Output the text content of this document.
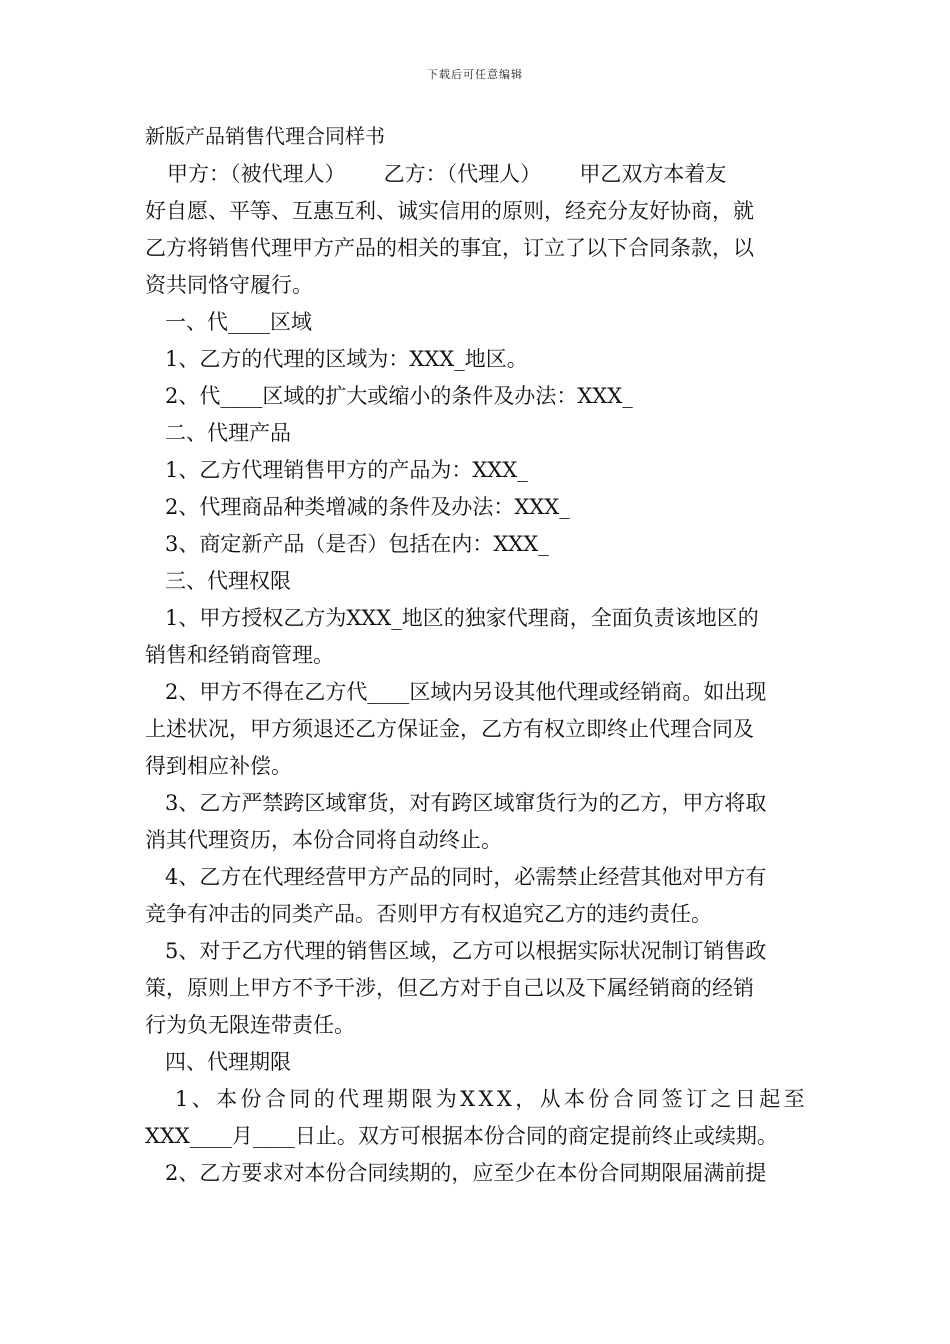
下载后可任意编辑
新版产品销售代理合同样书
甲方：（被代理人）　　 乙方：（代理人）　　 甲乙双方本着友
好自愿、平等、互惠互利、诚实信用的原则，经充分友好协商，就
乙方将销售代理甲方产品的相关的事宜，订立了以下合同条款，以
资共同恪守履行。
一、代____区域
1、乙方的代理的区域为：XXX_地区。
2、代____区域的扩大或缩小的条件及办法：XXX_
二、代理产品
1、乙方代理销售甲方的产品为：XXX_
2、代理商品种类增减的条件及办法：XXX_
3、商定新产品（是否）包括在内：XXX_
三、代理权限
1、甲方授权乙方为XXX_地区的独家代理商，全面负责该地区的
销售和经销商管理。
2、甲方不得在乙方代____区域内另设其他代理或经销商。如出现
上述状况，甲方须退还乙方保证金，乙方有权立即终止代理合同及
得到相应补偿。
3、乙方严禁跨区域窜货，对有跨区域窜货行为的乙方，甲方将取
消其代理资历，本份合同将自动终止。
4、乙方在代理经营甲方产品的同时，必需禁止经营其他对甲方有
竞争有冲击的同类产品。否则甲方有权追究乙方的违约责任。
5、对于乙方代理的销售区域，乙方可以根据实际状况制订销售政
策，原则上甲方不予干涉，但乙方对于自己以及下属经销商的经销
行为负无限连带责任。
四、代理期限
1、本份合同的代理期限为XXX，从本份合同签订之日起至
XXX____月____日止。双方可根据本份合同的商定提前终止或续期。
2、乙方要求对本份合同续期的，应至少在本份合同期限届满前提
